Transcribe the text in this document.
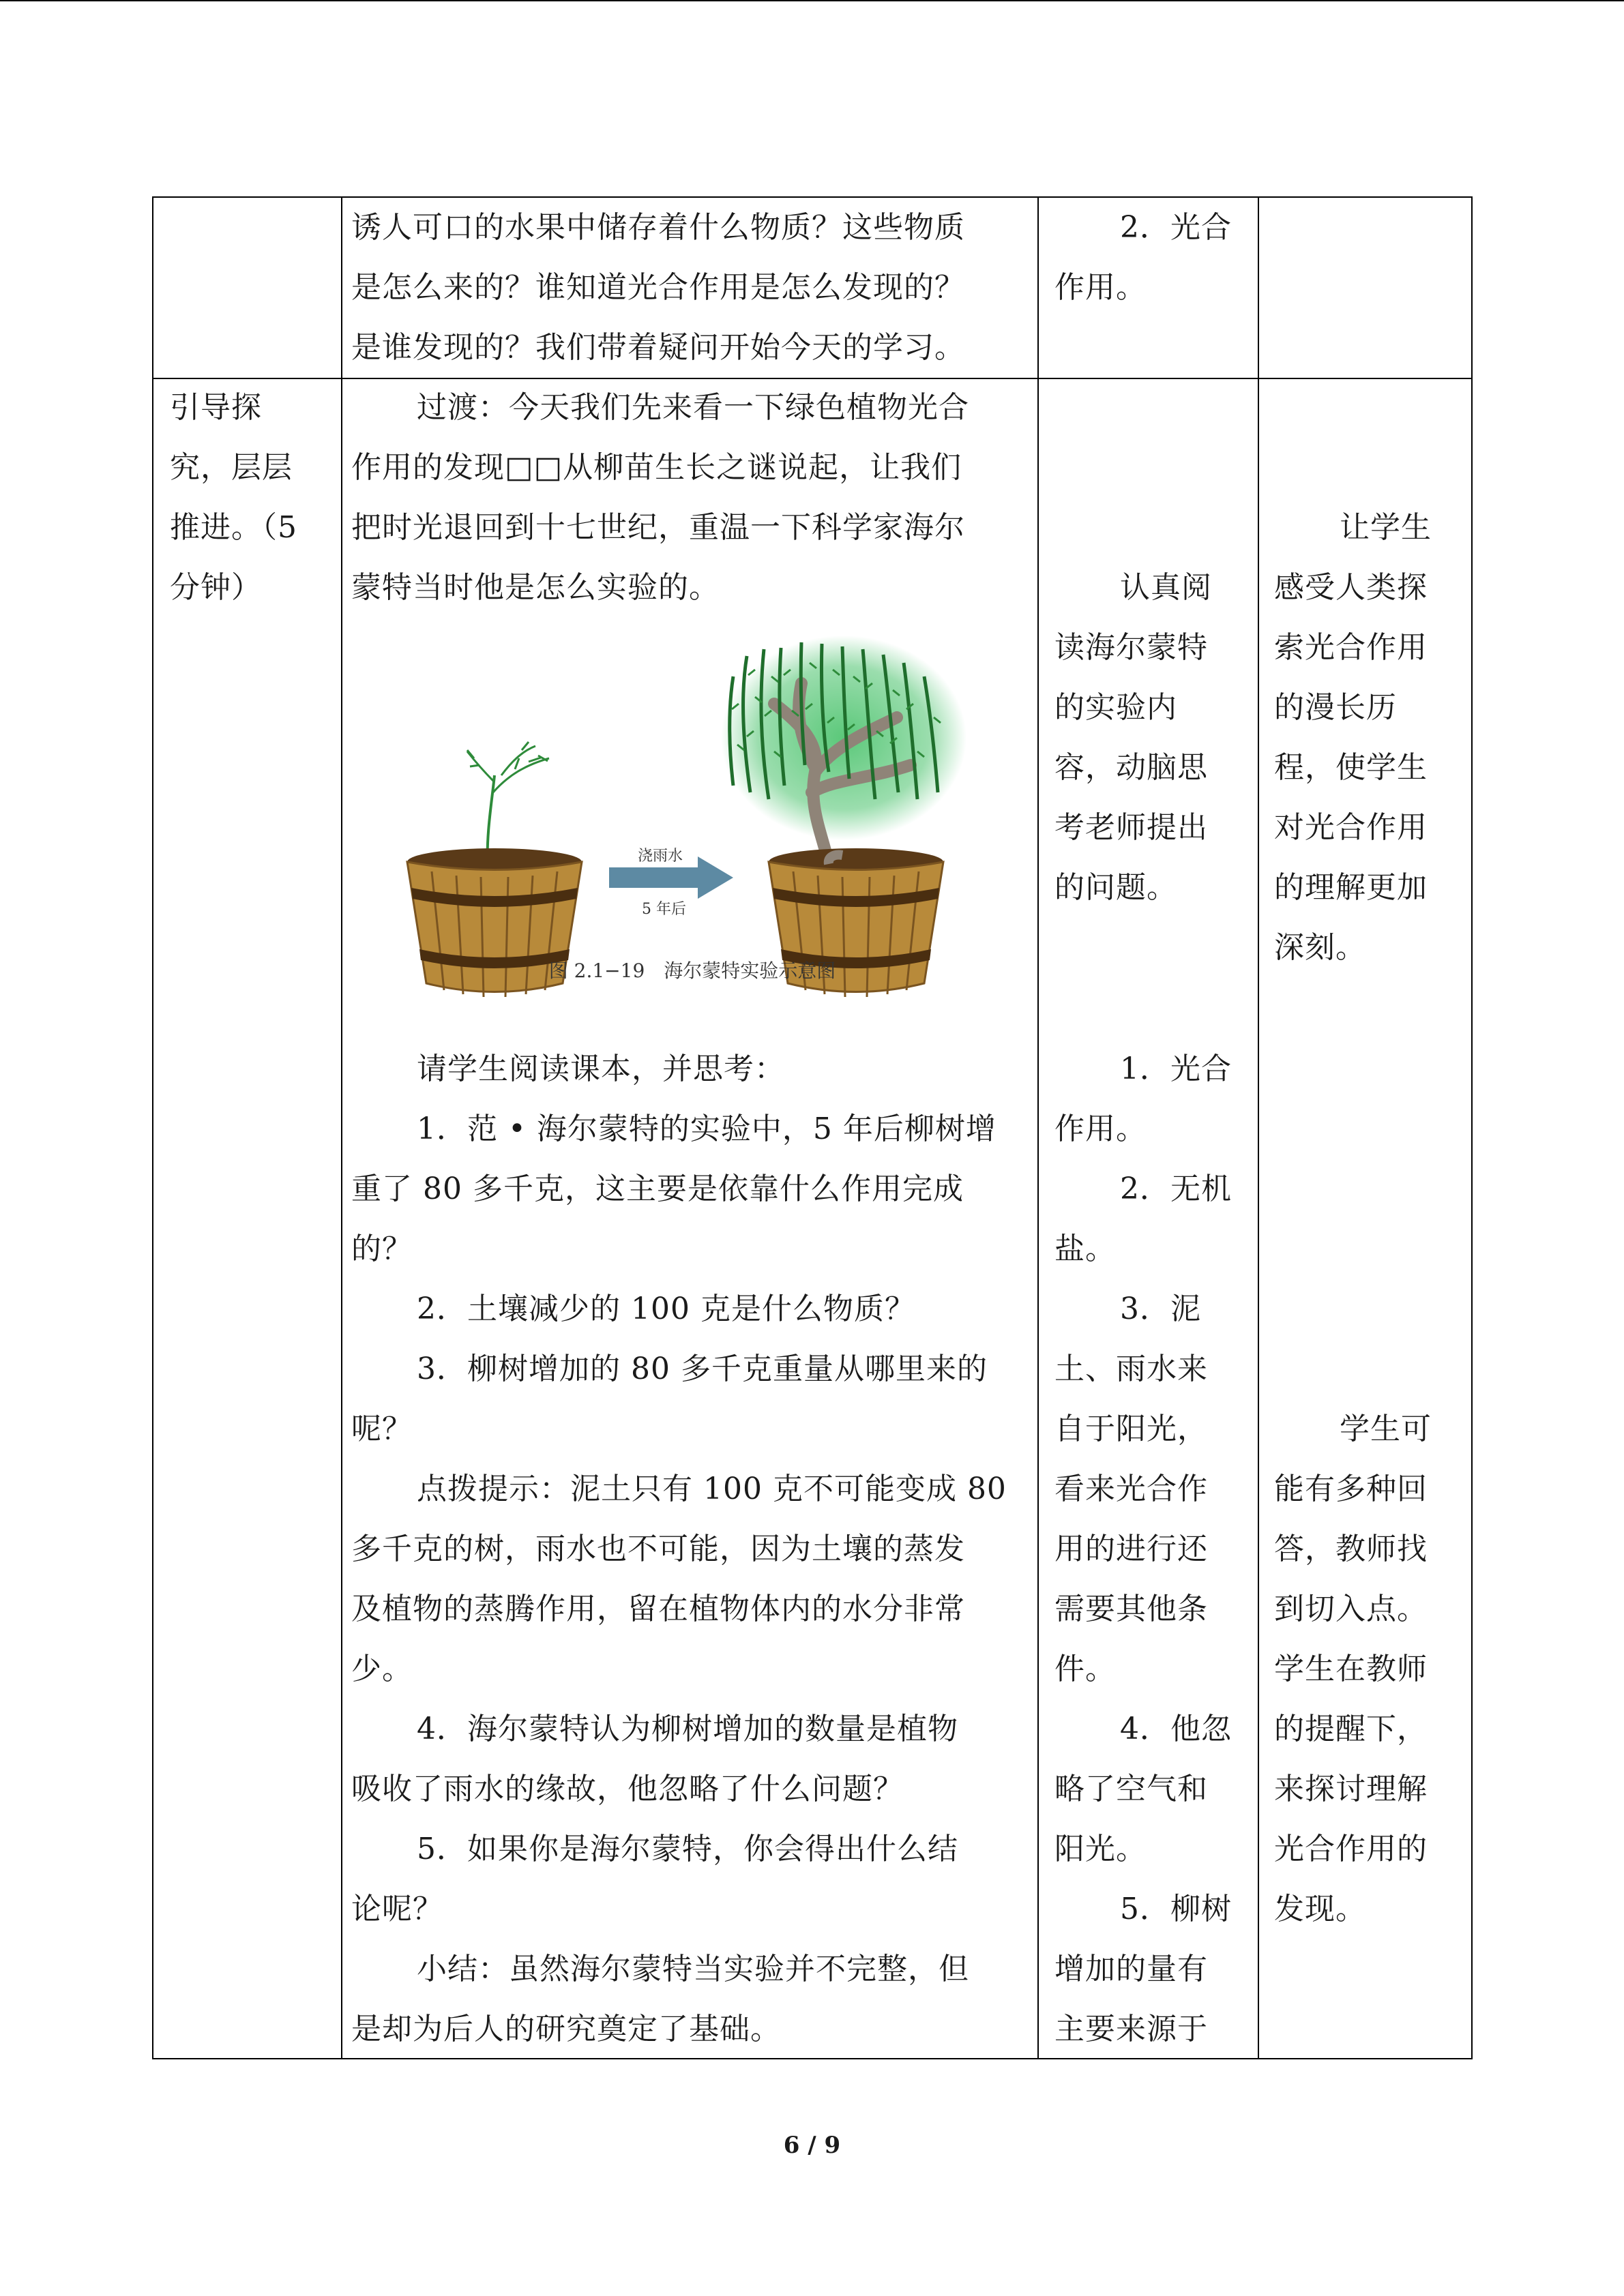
诱人可口的水果中储存着什么物质？这些物质
是怎么来的？谁知道光合作用是怎么发现的？
是谁发现的？我们带着疑问开始今天的学习。
2．光合
作用。
引导探
究，层层
推进。（5
分钟）
过渡：今天我们先来看一下绿色植物光合
作用的发现□□从柳苗生长之谜说起，让我们
把时光退回到十七世纪，重温一下科学家海尔
蒙特当时他是怎么实验的。
浇雨水
5 年后
图 2.1−19　海尔蒙特实验示意图
请学生阅读课本，并思考：
1．范 • 海尔蒙特的实验中，5 年后柳树增
重了 80 多千克，这主要是依靠什么作用完成
的？
2．土壤减少的 100 克是什么物质？
3．柳树增加的 80 多千克重量从哪里来的
呢？
点拨提示：泥土只有 100 克不可能变成 80
多千克的树，雨水也不可能，因为土壤的蒸发
及植物的蒸腾作用，留在植物体内的水分非常
少。
4．海尔蒙特认为柳树增加的数量是植物
吸收了雨水的缘故，他忽略了什么问题？
5．如果你是海尔蒙特，你会得出什么结
论呢？
小结：虽然海尔蒙特当实验并不完整，但
是却为后人的研究奠定了基础。
认真阅
读海尔蒙特
的实验内
容，动脑思
考老师提出
的问题。
1．光合
作用。
2．无机
盐。
3．泥
土、雨水来
自于阳光，
看来光合作
用的进行还
需要其他条
件。
4．他忽
略了空气和
阳光。
5．柳树
增加的量有
主要来源于
让学生
感受人类探
索光合作用
的漫长历
程，使学生
对光合作用
的理解更加
深刻。
学生可
能有多种回
答，教师找
到切入点。
学生在教师
的提醒下，
来探讨理解
光合作用的
发现。
6 / 9
